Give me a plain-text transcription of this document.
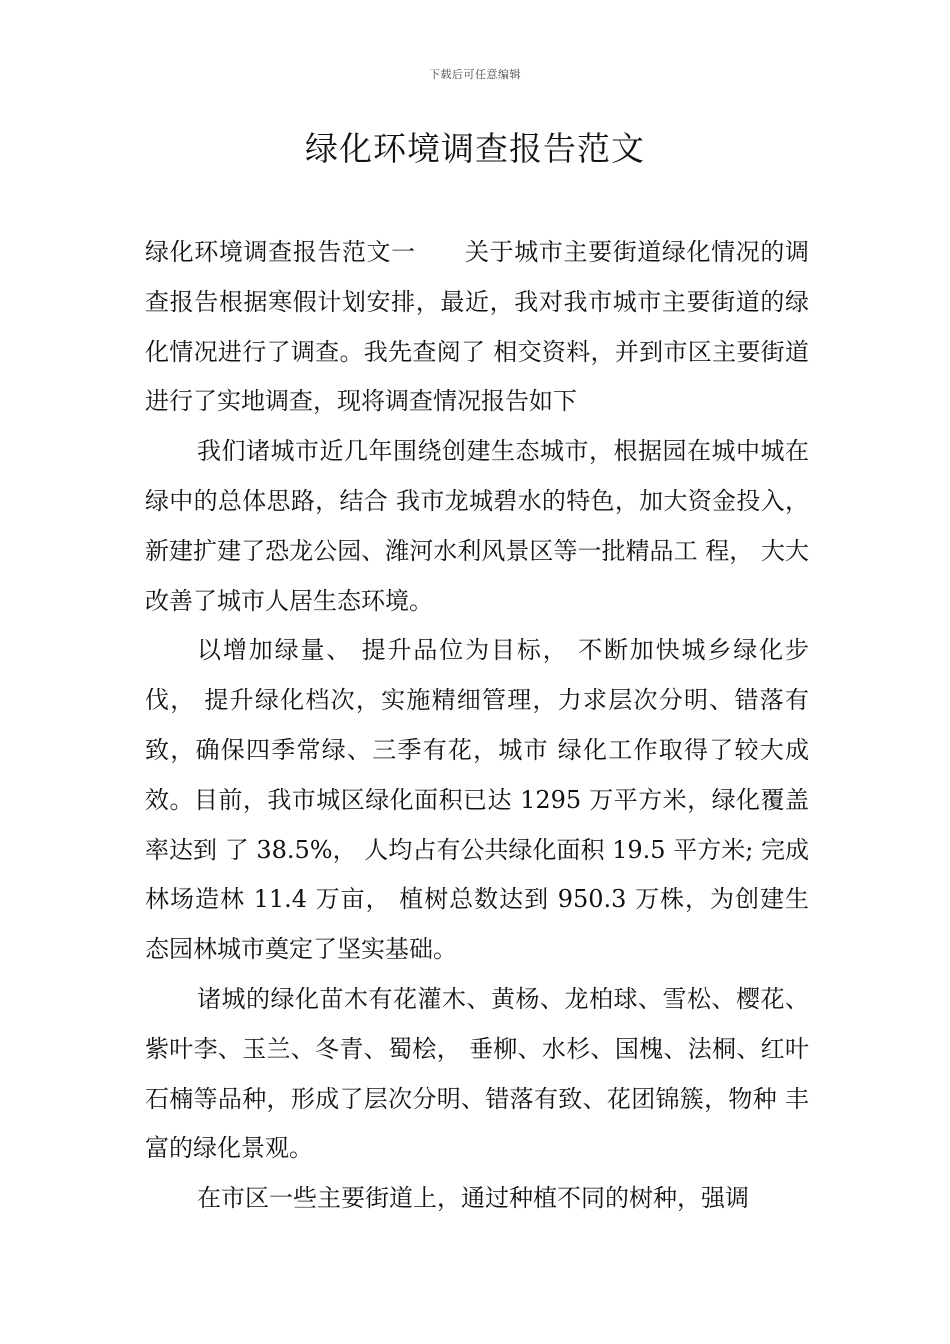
下载后可任意编辑
绿化环境调查报告范文

绿化环境调查报告范文一　　关于城市主要街道绿化情况的调查报告根据寒假计划安排，最近，我对我市城市主要街道的绿化情况进行了调查。我先查阅了 相交资料，并到市区主要街道进行了实地调查，现将调查情况报告如下

我们诸城市近几年围绕创建生态城市，根据园在城中城在绿中的总体思路，结合 我市龙城碧水的特色，加大资金投入，新建扩建了恐龙公园、潍河水利风景区等一批精品工 程， 大大改善了城市人居生态环境。

以增加绿量、 提升品位为目标， 不断加快城乡绿化步伐， 提升绿化档次，实施精细管理，力求层次分明、错落有致，确保四季常绿、三季有花，城市 绿化工作取得了较大成效。目前，我市城区绿化面积已达 1295 万平方米，绿化覆盖率达到 了 38.5%， 人均占有公共绿化面积 19.5 平方米; 完成林场造林 11.4 万亩， 植树总数达到 950.3 万株，为创建生态园林城市奠定了坚实基础。

诸城的绿化苗木有花灌木、黄杨、龙柏球、雪松、樱花、紫叶李、玉兰、冬青、蜀桧， 垂柳、水杉、国槐、法桐、红叶石楠等品种，形成了层次分明、错落有致、花团锦簇，物种 丰富的绿化景观。

在市区一些主要街道上，通过种植不同的树种，强调
